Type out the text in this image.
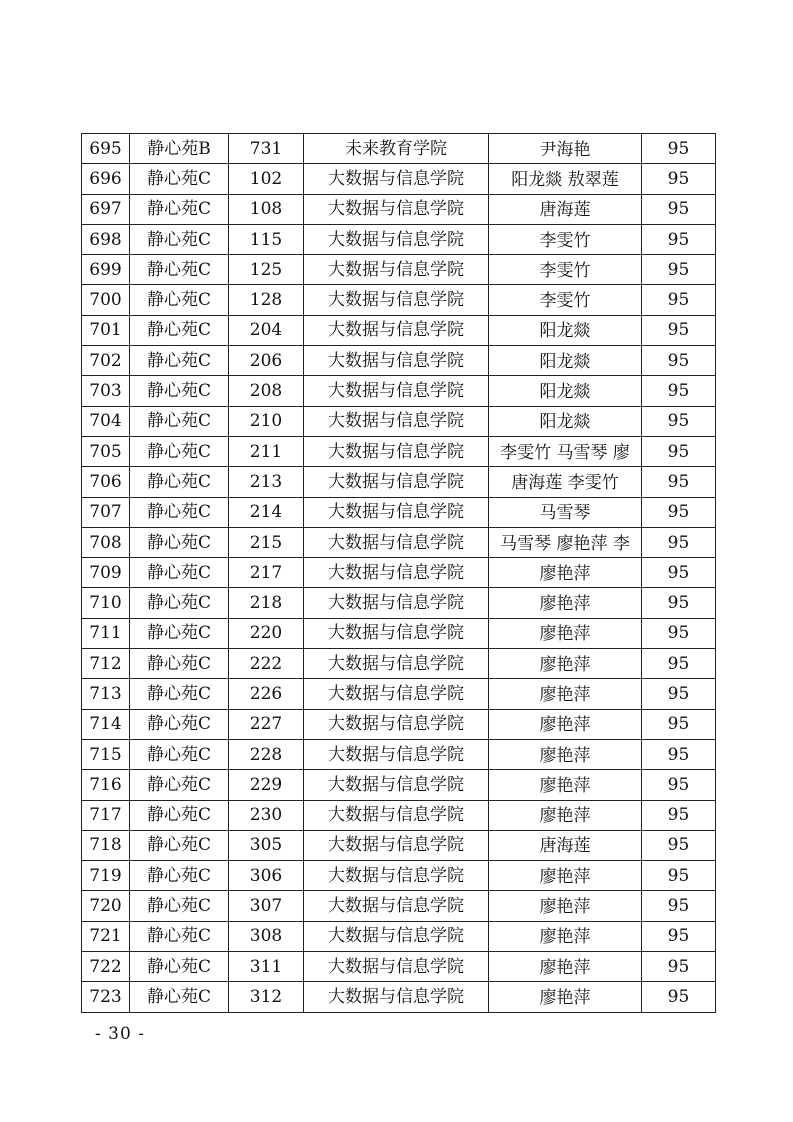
695	静心苑B	731	未来教育学院	尹海艳	95

696	静心苑C	102	大数据与信息学院	阳龙燚 敖翠莲	95

697	静心苑C	108	大数据与信息学院	唐海莲	95

698	静心苑C	115	大数据与信息学院	李雯竹	95

699	静心苑C	125	大数据与信息学院	李雯竹	95

700	静心苑C	128	大数据与信息学院	李雯竹	95

701	静心苑C	204	大数据与信息学院	阳龙燚	95

702	静心苑C	206	大数据与信息学院	阳龙燚	95

703	静心苑C	208	大数据与信息学院	阳龙燚	95

704	静心苑C	210	大数据与信息学院	阳龙燚	95

705	静心苑C	211	大数据与信息学院	李雯竹 马雪琴 廖	95

706	静心苑C	213	大数据与信息学院	唐海莲 李雯竹	95

707	静心苑C	214	大数据与信息学院	马雪琴	95

708	静心苑C	215	大数据与信息学院	马雪琴 廖艳萍 李	95

709	静心苑C	217	大数据与信息学院	廖艳萍	95

710	静心苑C	218	大数据与信息学院	廖艳萍	95

711	静心苑C	220	大数据与信息学院	廖艳萍	95

712	静心苑C	222	大数据与信息学院	廖艳萍	95

713	静心苑C	226	大数据与信息学院	廖艳萍	95

714	静心苑C	227	大数据与信息学院	廖艳萍	95

715	静心苑C	228	大数据与信息学院	廖艳萍	95

716	静心苑C	229	大数据与信息学院	廖艳萍	95

717	静心苑C	230	大数据与信息学院	廖艳萍	95

718	静心苑C	305	大数据与信息学院	唐海莲	95

719	静心苑C	306	大数据与信息学院	廖艳萍	95

720	静心苑C	307	大数据与信息学院	廖艳萍	95

721	静心苑C	308	大数据与信息学院	廖艳萍	95

722	静心苑C	311	大数据与信息学院	廖艳萍	95

723	静心苑C	312	大数据与信息学院	廖艳萍	95
- 30 -
